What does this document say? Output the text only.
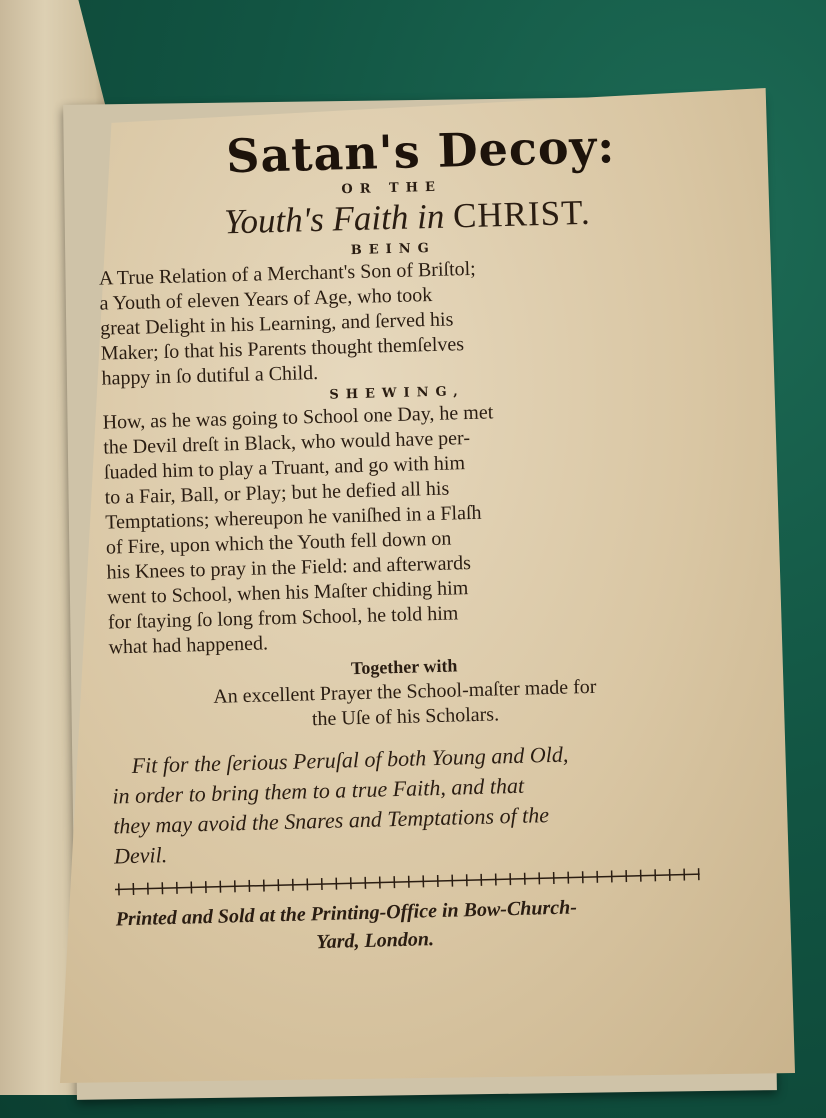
Satan's Decoy:
OR THE
Youth's Faith in CHRIST.
BEING
A True Relation of a Merchant's Son of Briſtol;
a Youth of eleven Years of Age, who took
great Delight in his Learning, and ſerved his
Maker; ſo that his Parents thought themſelves
happy in ſo dutiful a Child.
SHEWING,
How, as he was going to School one Day, he met
the Devil dreſt in Black, who would have per-
ſuaded him to play a Truant, and go with him
to a Fair, Ball, or Play; but he defied all his
Temptations; whereupon he vaniſhed in a Flaſh
of Fire, upon which the Youth fell down on
his Knees to pray in the Field: and afterwards
went to School, when his Maſter chiding him
for ſtaying ſo long from School, he told him
what had happened.
Together with
An excellent Prayer the School-maſter made for
the Uſe of his Scholars.
Fit for the ſerious Peruſal of both Young and Old,
in order to bring them to a true Faith, and that
they may avoid the Snares and Temptations of the
Devil.
Printed and Sold at the Printing-Office in Bow-Church-
Yard, London.
